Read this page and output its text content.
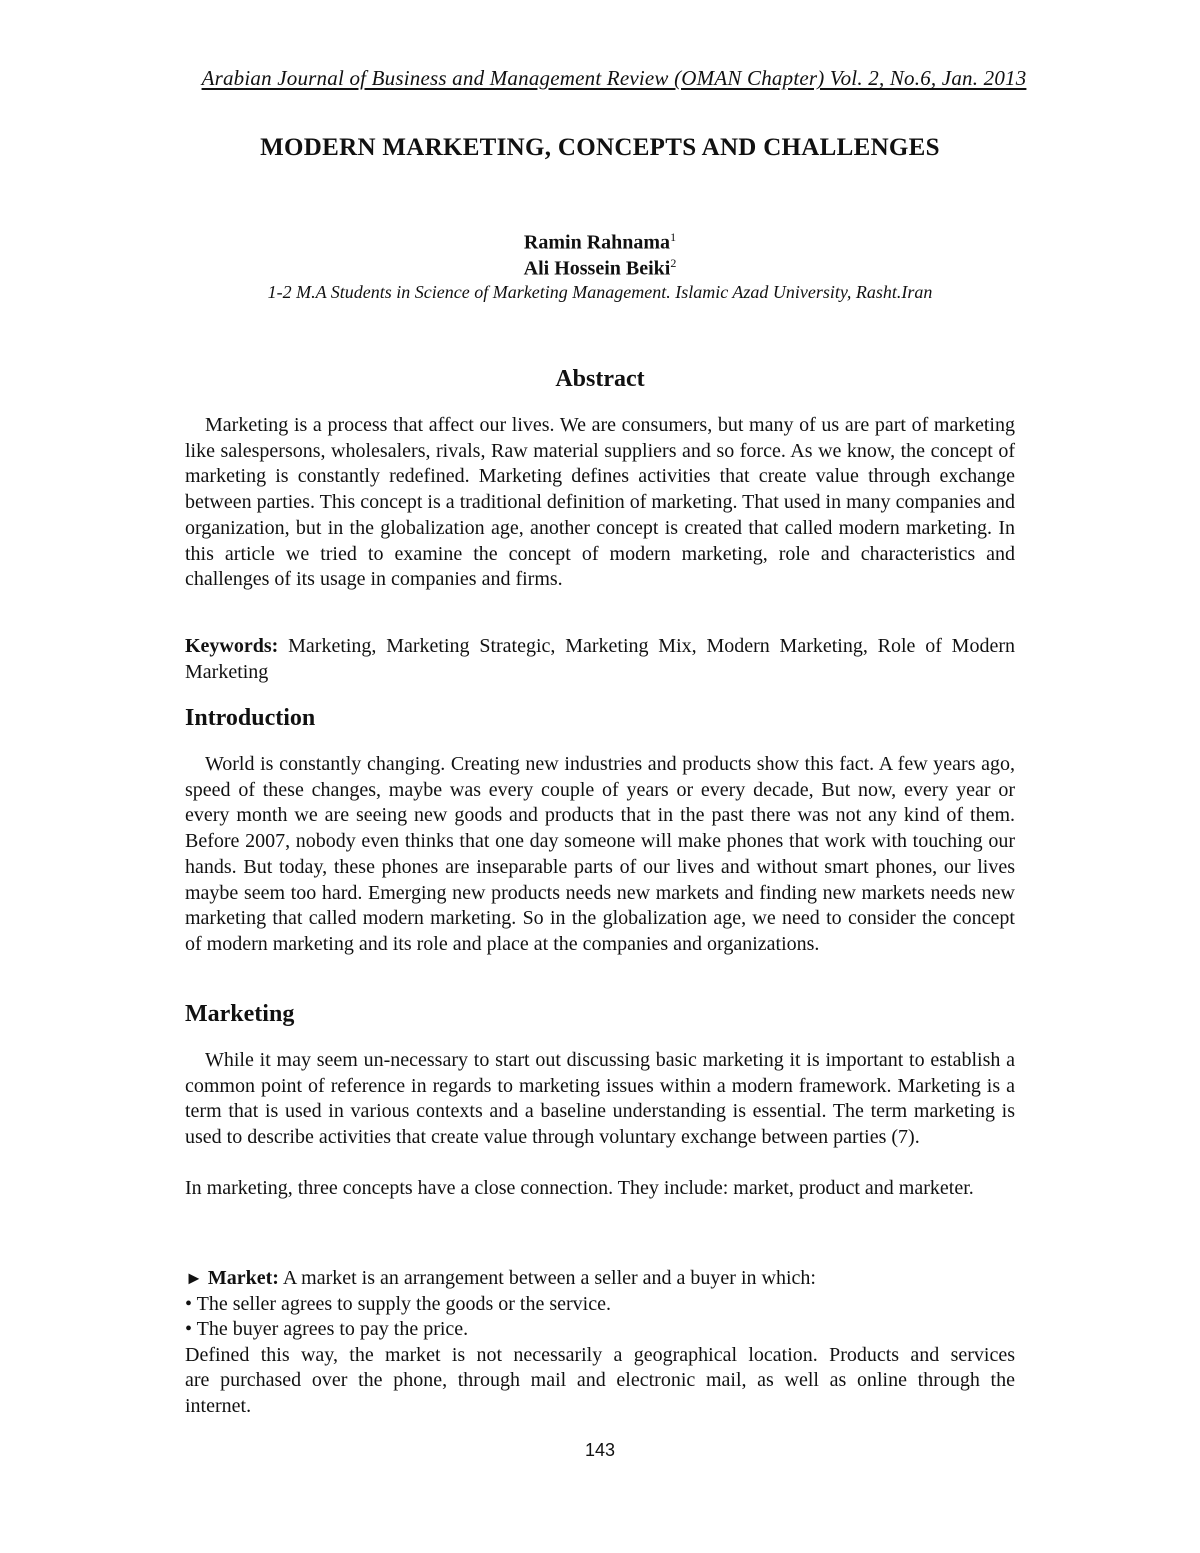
Arabian Journal of Business and Management Review (OMAN Chapter) Vol. 2, No.6, Jan. 2013
MODERN MARKETING, CONCEPTS AND CHALLENGES
Ramin Rahnama$^1$
Ali Hossein Beiki$^2$
1-2 M.A Students in Science of Marketing Management. Islamic Azad University, Rasht.Iran
Abstract
Marketing is a process that affect our lives. We are consumers, but many of us are part of marketing like salespersons, wholesalers, rivals, Raw material suppliers and so force. As we know, the concept of marketing is constantly redefined. Marketing defines activities that create value through exchange between parties. This concept is a traditional definition of marketing. That used in many companies and organization, but in the globalization age, another concept is created that called modern marketing. In this article we tried to examine the concept of modern marketing, role and characteristics and challenges of its usage in companies and firms.
Keywords: Marketing, Marketing Strategic, Marketing Mix, Modern Marketing, Role of Modern Marketing
Introduction
World is constantly changing. Creating new industries and products show this fact. A few years ago, speed of these changes, maybe was every couple of years or every decade, But now, every year or every month we are seeing new goods and products that in the past there was not any kind of them. Before 2007, nobody even thinks that one day someone will make phones that work with touching our hands. But today, these phones are inseparable parts of our lives and without smart phones, our lives maybe seem too hard. Emerging new products needs new markets and finding new markets needs new marketing that called modern marketing. So in the globalization age, we need to consider the concept of modern marketing and its role and place at the companies and organizations.
Marketing
While it may seem un-necessary to start out discussing basic marketing it is important to establish a common point of reference in regards to marketing issues within a modern framework. Marketing is a term that is used in various contexts and a baseline understanding is essential. The term marketing is used to describe activities that create value through voluntary exchange between parties (7).
In marketing, three concepts have a close connection. They include: market, product and marketer.
► Market: A market is an arrangement between a seller and a buyer in which:
• The seller agrees to supply the goods or the service.
• The buyer agrees to pay the price.
Defined this way, the market is not necessarily a geographical location. Products and services
are purchased over the phone, through mail and electronic mail, as well as online through the
internet.
143
